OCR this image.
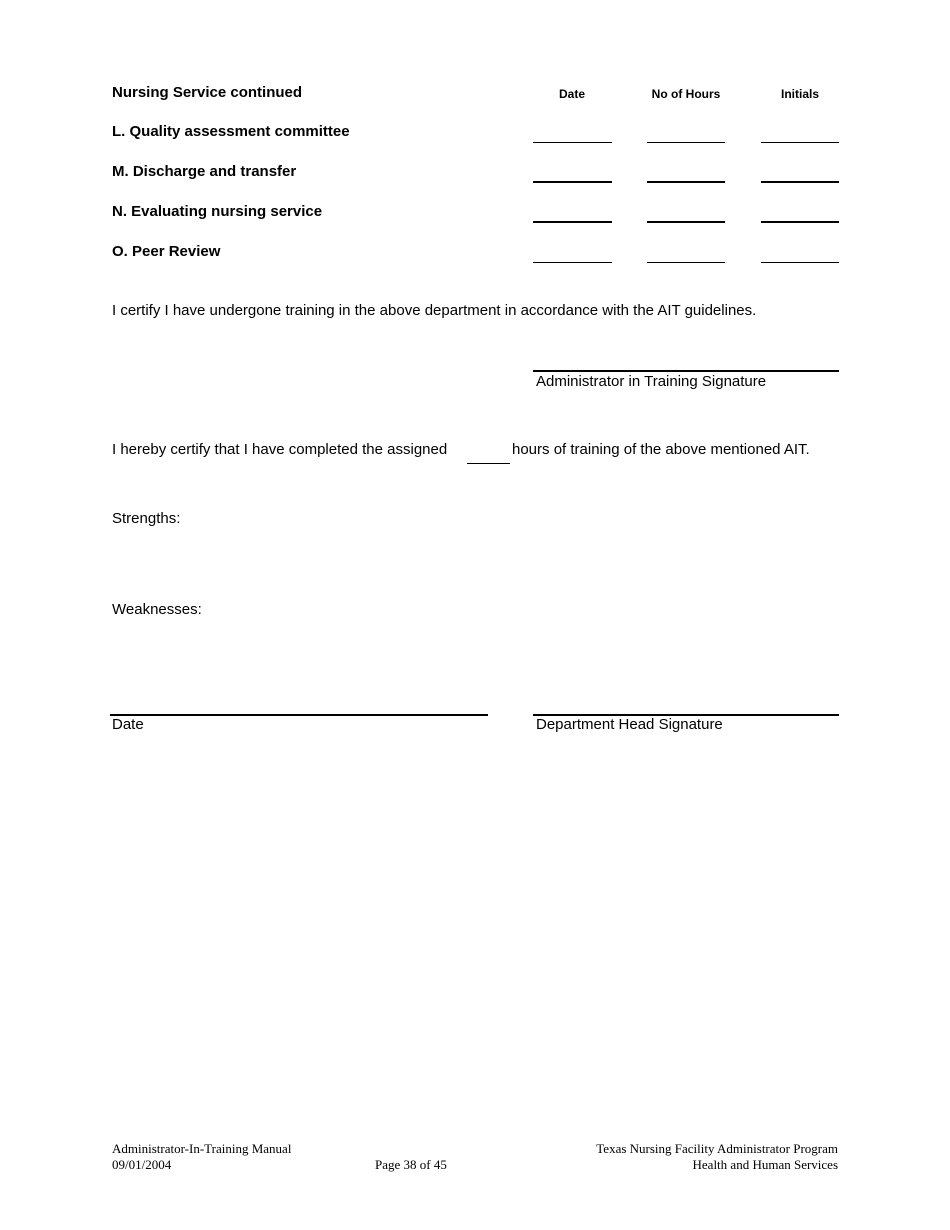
Nursing Service continued	Date	No of Hours	Initials
L. Quality assessment committee
M. Discharge and transfer
N. Evaluating nursing service
O. Peer Review
I certify I have undergone training in the above department in accordance with the AIT guidelines.
Administrator in Training Signature
I hereby certify that I have completed the assigned	hours of training of the above mentioned AIT.
Strengths:
Weaknesses:
Date	Department Head Signature
Administrator-In-Training Manual
09/01/2004	Page 38 of 45
Texas Nursing Facility Administrator Program
Health and Human Services
